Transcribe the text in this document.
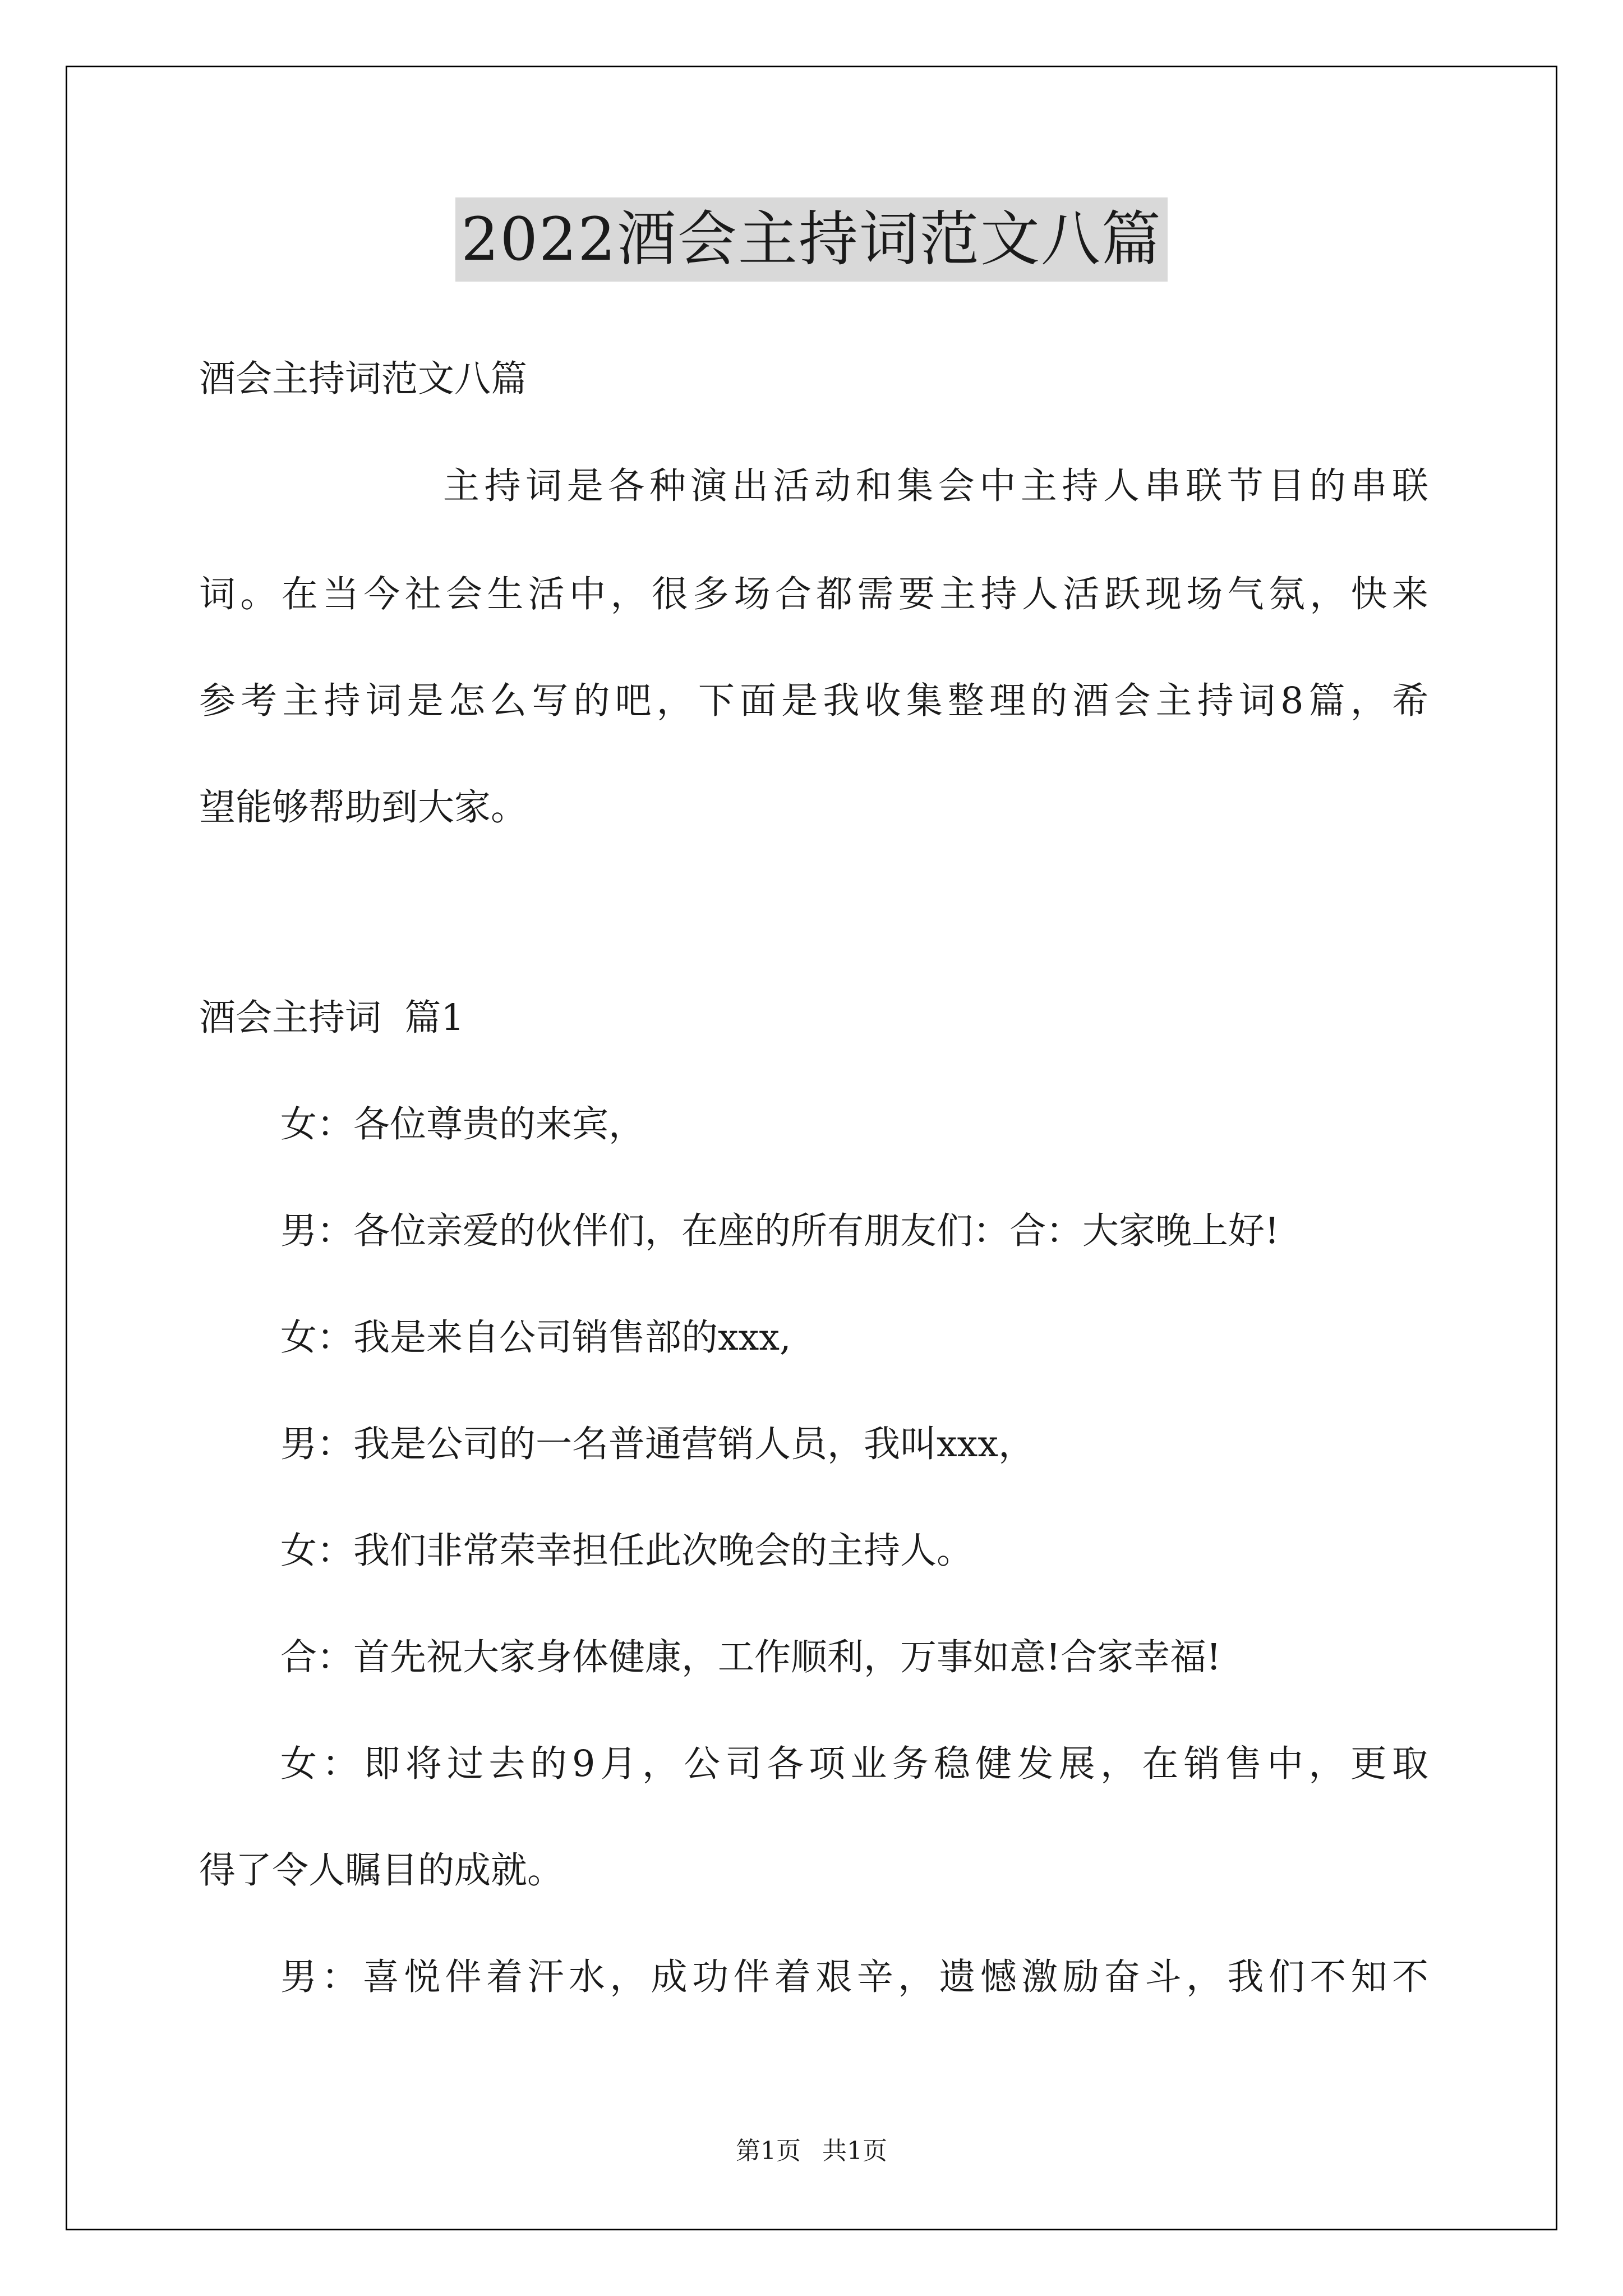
2022酒会主持词范文八篇
酒会主持词范文八篇
主持词是各种演出活动和集会中主持人串联节目的串联
词。在当今社会生活中，很多场合都需要主持人活跃现场气氛，快来
参考主持词是怎么写的吧，下面是我收集整理的酒会主持词8篇，希
望能够帮助到大家。
酒会主持词  篇1
女：各位尊贵的来宾，
男：各位亲爱的伙伴们，在座的所有朋友们：合：大家晚上好!
女：我是来自公司销售部的xxx,
男：我是公司的一名普通营销人员，我叫xxx，
女：我们非常荣幸担任此次晚会的主持人。
合：首先祝大家身体健康，工作顺利，万事如意!合家幸福!
女：即将过去的9月，公司各项业务稳健发展，在销售中，更取
得了令人瞩目的成就。
男：喜悦伴着汗水，成功伴着艰辛，遗憾激励奋斗，我们不知不
第1页 共1页
